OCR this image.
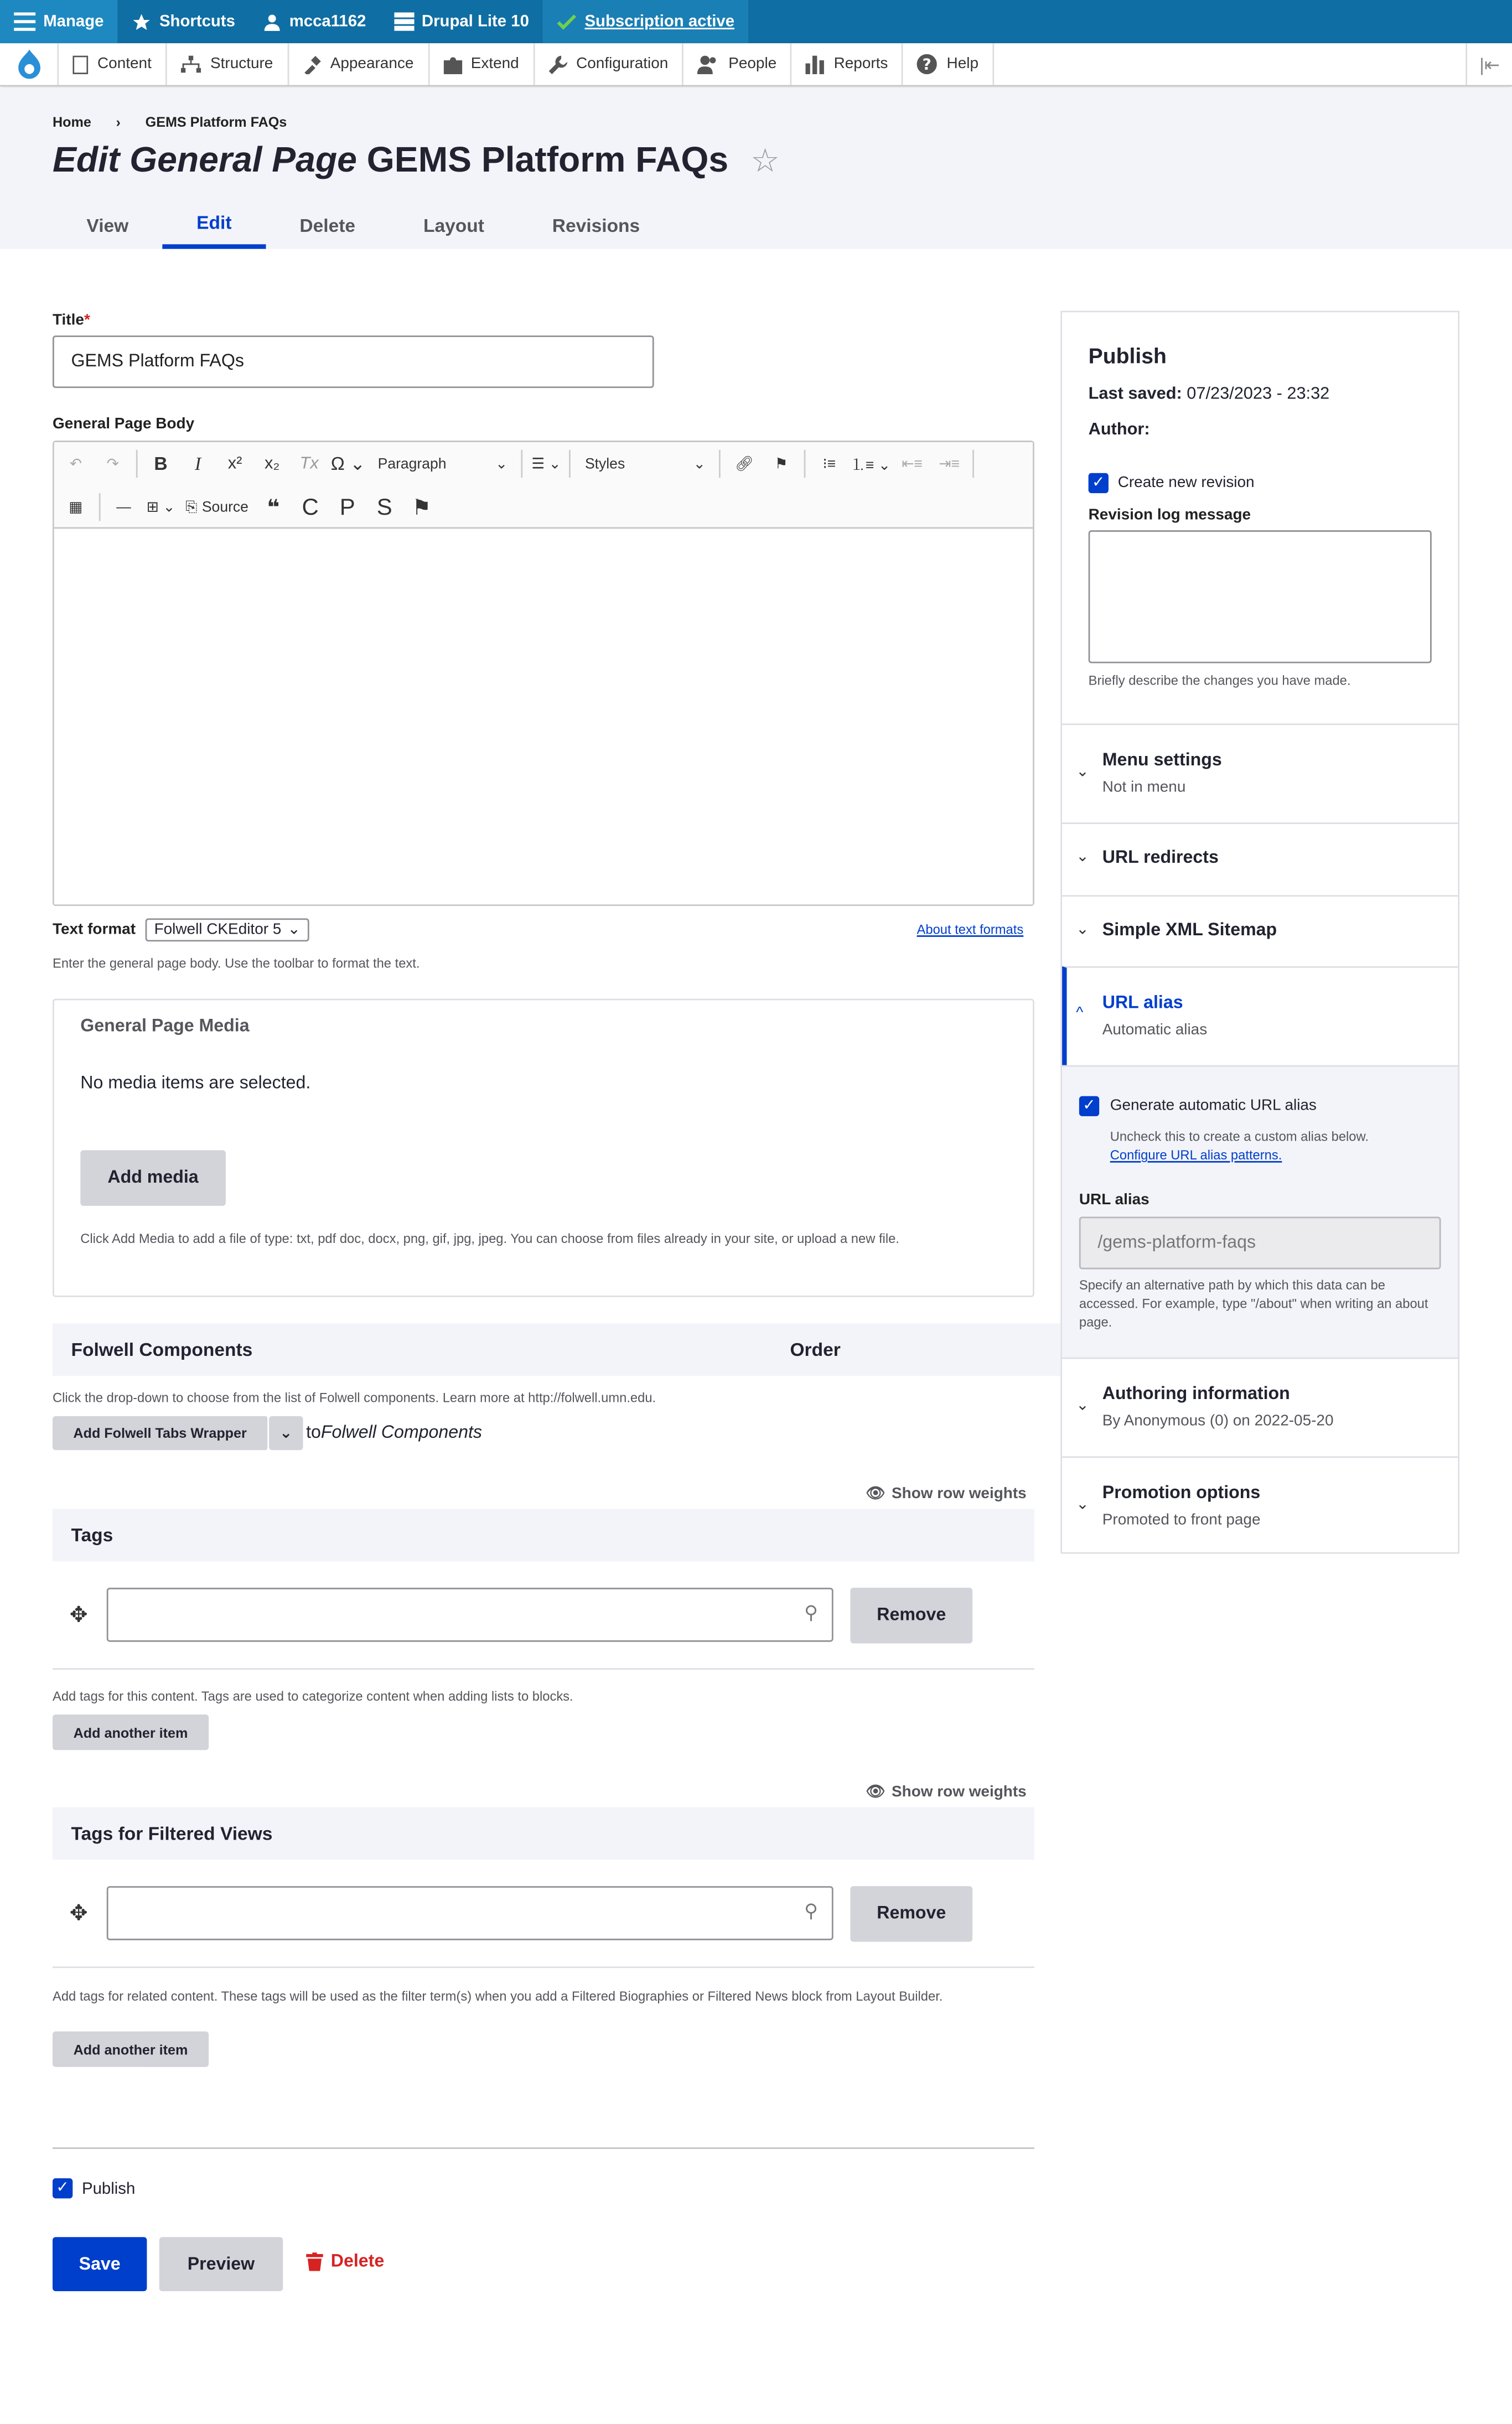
Manage	Shortcuts	mcca1162	Drupal Lite 10	Subscription active
Content	Structure	Appearance	Extend	Configuration	People	Reports	?	Help	|⇤
Home	›	GEMS Platform FAQs
Edit General Page GEMS Platform FAQs ☆
View	Edit	Delete	Layout	Revisions
Title*
GEMS Platform FAQs
General Page Body
↶	↷	B	I	x²	x₂	Tx	Ω ⌄	Paragraph	⌄	☰ ⌄	Styles	⌄	🔗︎	⚑	⁝≡	⒈≡ ⌄	⇤≡	⇥≡
▦	—	⊞ ⌄	⎘ Source	❝	C	P	S	⚑
Text format	Folwell CKEditor 5 ⌄	About text formats
Enter the general page body. Use the toolbar to format the text.
General Page Media
No media items are selected.
Add media
Click Add Media to add a file of type: txt, pdf doc, docx, png, gif, jpg, jpeg. You can choose from files already in your site, or upload a new file.
Folwell Components	Order
Click the drop-down to choose from the list of Folwell components. Learn more at http://folwell.umn.edu.
Add Folwell Tabs Wrapper	⌄	to Folwell Components
👁︎ Show row weights
Tags
✥	⚲	Remove
Add tags for this content. Tags are used to categorize content when adding lists to blocks.
Add another item
👁︎ Show row weights
Tags for Filtered Views
✥	⚲	Remove
Add tags for related content. These tags will be used as the filter term(s) when you add a Filtered Biographies or Filtered News block from Layout Builder.
Add another item
✓	Publish
Save	Preview	Delete
Publish
Last saved: 07/23/2023 - 23:32
Author:
✓	Create new revision
Revision log message
Briefly describe the changes you have made.
⌄
Menu settings
Not in menu
⌄ URL redirects
⌄ Simple XML Sitemap
^
URL alias
Automatic alias
✓	Generate automatic URL alias
Uncheck this to create a custom alias below.
Configure URL alias patterns.
URL alias
/gems-platform-faqs
Specify an alternative path by which this data can be accessed. For example, type "/about" when writing an about page.
⌄
Authoring information
By Anonymous (0) on 2022-05-20
⌄
Promotion options
Promoted to front page
